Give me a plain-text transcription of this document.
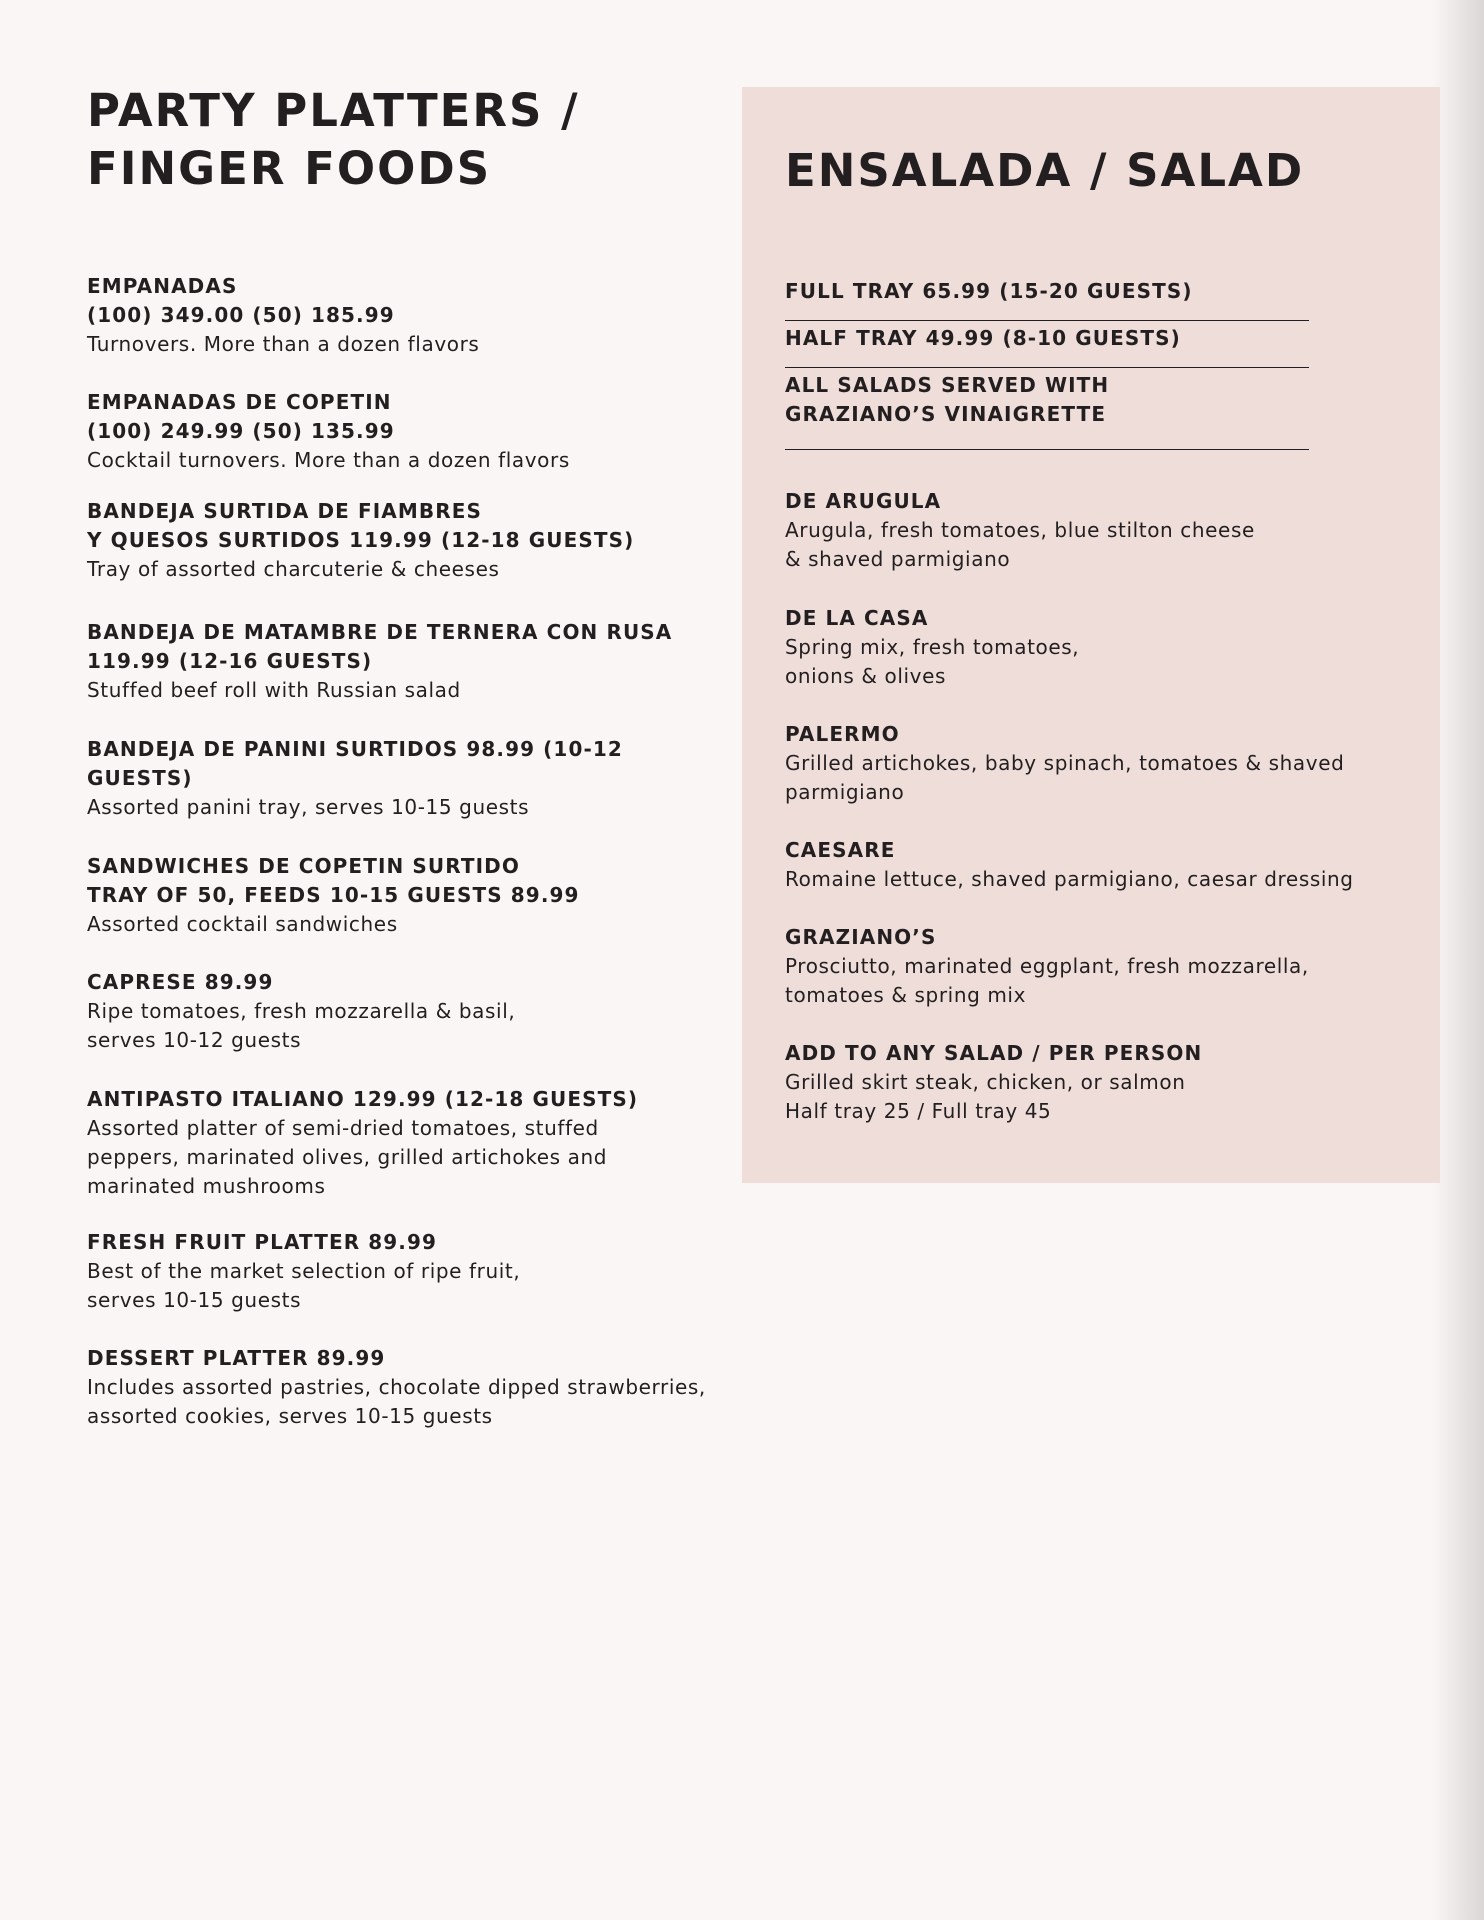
PARTY PLATTERS /
FINGER FOODS
EMPANADAS
(100) 349.00 (50) 185.99
Turnovers. More than a dozen flavors
EMPANADAS DE COPETIN
(100) 249.99 (50) 135.99
Cocktail turnovers. More than a dozen flavors
BANDEJA SURTIDA DE FIAMBRES
Y QUESOS SURTIDOS 119.99 (12-18 GUESTS)
Tray of assorted charcuterie & cheeses
BANDEJA DE MATAMBRE DE TERNERA CON RUSA
119.99 (12-16 GUESTS)
Stuffed beef roll with Russian salad
BANDEJA DE PANINI SURTIDOS 98.99 (10-12 GUESTS)
Assorted panini tray, serves 10-15 guests
SANDWICHES DE COPETIN SURTIDO
TRAY OF 50, FEEDS 10-15 GUESTS 89.99
Assorted cocktail sandwiches
CAPRESE 89.99
Ripe tomatoes, fresh mozzarella & basil,
serves 10-12 guests
ANTIPASTO ITALIANO 129.99 (12-18 GUESTS)
Assorted platter of semi-dried tomatoes, stuffed
peppers, marinated olives, grilled artichokes and
marinated mushrooms
FRESH FRUIT PLATTER 89.99
Best of the market selection of ripe fruit,
serves 10-15 guests
DESSERT PLATTER 89.99
Includes assorted pastries, chocolate dipped strawberries,
assorted cookies, serves 10-15 guests
ENSALADA / SALAD
FULL TRAY 65.99 (15-20 GUESTS)
HALF TRAY 49.99 (8-10 GUESTS)
ALL SALADS SERVED WITH
GRAZIANO’S VINAIGRETTE
DE ARUGULA
Arugula, fresh tomatoes, blue stilton cheese
& shaved parmigiano
DE LA CASA
Spring mix, fresh tomatoes,
onions & olives
PALERMO
Grilled artichokes, baby spinach, tomatoes & shaved
parmigiano
CAESARE
Romaine lettuce, shaved parmigiano, caesar dressing
GRAZIANO’S
Prosciutto, marinated eggplant, fresh mozzarella,
tomatoes & spring mix
ADD TO ANY SALAD / PER PERSON
Grilled skirt steak, chicken, or salmon
Half tray 25 / Full tray 45
